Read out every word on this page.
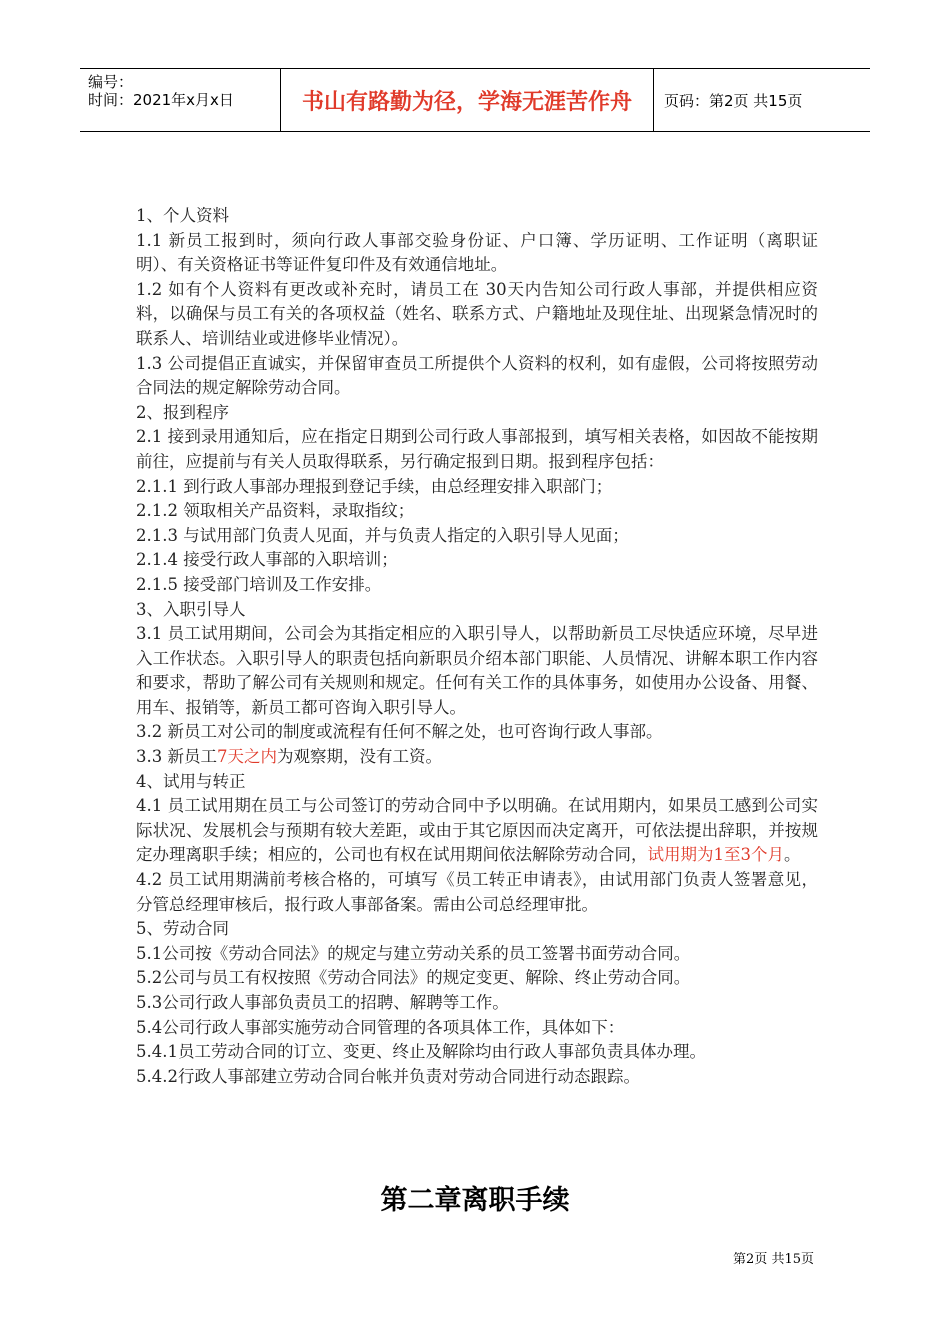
编号：
时间：2021年x月x日	书山有路勤为径，学海无涯苦作舟	页码：第2页 共15页

1、个人资料

1.1 新员工报到时，须向行政人事部交验身份证、户口簿、学历证明、工作证明（离职证明）、有关资格证书等证件复印件及有效通信地址。

1.2 如有个人资料有更改或补充时，请员工在 30天内告知公司行政人事部，并提供相应资料，以确保与员工有关的各项权益（姓名、联系方式、户籍地址及现住址、出现紧急情况时的联系人、培训结业或进修毕业情况）。

1.3 公司提倡正直诚实，并保留审查员工所提供个人资料的权利，如有虚假，公司将按照劳动合同法的规定解除劳动合同。

2、报到程序

2.1 接到录用通知后，应在指定日期到公司行政人事部报到，填写相关表格，如因故不能按期前往，应提前与有关人员取得联系，另行确定报到日期。报到程序包括：

2.1.1 到行政人事部办理报到登记手续，由总经理安排入职部门；

2.1.2 领取相关产品资料，录取指纹；

2.1.3 与试用部门负责人见面，并与负责人指定的入职引导人见面；

2.1.4 接受行政人事部的入职培训；

2.1.5 接受部门培训及工作安排。

3、入职引导人

3.1 员工试用期间，公司会为其指定相应的入职引导人，以帮助新员工尽快适应环境，尽早进入工作状态。入职引导人的职责包括向新职员介绍本部门职能、人员情况、讲解本职工作内容和要求，帮助了解公司有关规则和规定。任何有关工作的具体事务，如使用办公设备、用餐、用车、报销等，新员工都可咨询入职引导人。

3.2 新员工对公司的制度或流程有任何不解之处，也可咨询行政人事部。

3.3 新员工7天之内为观察期，没有工资。

4、试用与转正

4.1 员工试用期在员工与公司签订的劳动合同中予以明确。在试用期内，如果员工感到公司实际状况、发展机会与预期有较大差距，或由于其它原因而决定离开，可依法提出辞职，并按规定办理离职手续；相应的，公司也有权在试用期间依法解除劳动合同，试用期为1至3个月。

4.2 员工试用期满前考核合格的，可填写《员工转正申请表》，由试用部门负责人签署意见，分管总经理审核后，报行政人事部备案。需由公司总经理审批。

5、劳动合同

5.1公司按《劳动合同法》的规定与建立劳动关系的员工签署书面劳动合同。

5.2公司与员工有权按照《劳动合同法》的规定变更、解除、终止劳动合同。

5.3公司行政人事部负责员工的招聘、解聘等工作。

5.4公司行政人事部实施劳动合同管理的各项具体工作，具体如下：

5.4.1员工劳动合同的订立、变更、终止及解除均由行政人事部负责具体办理。

5.4.2行政人事部建立劳动合同台帐并负责对劳动合同进行动态跟踪。

第二章离职手续
第2页 共15页
